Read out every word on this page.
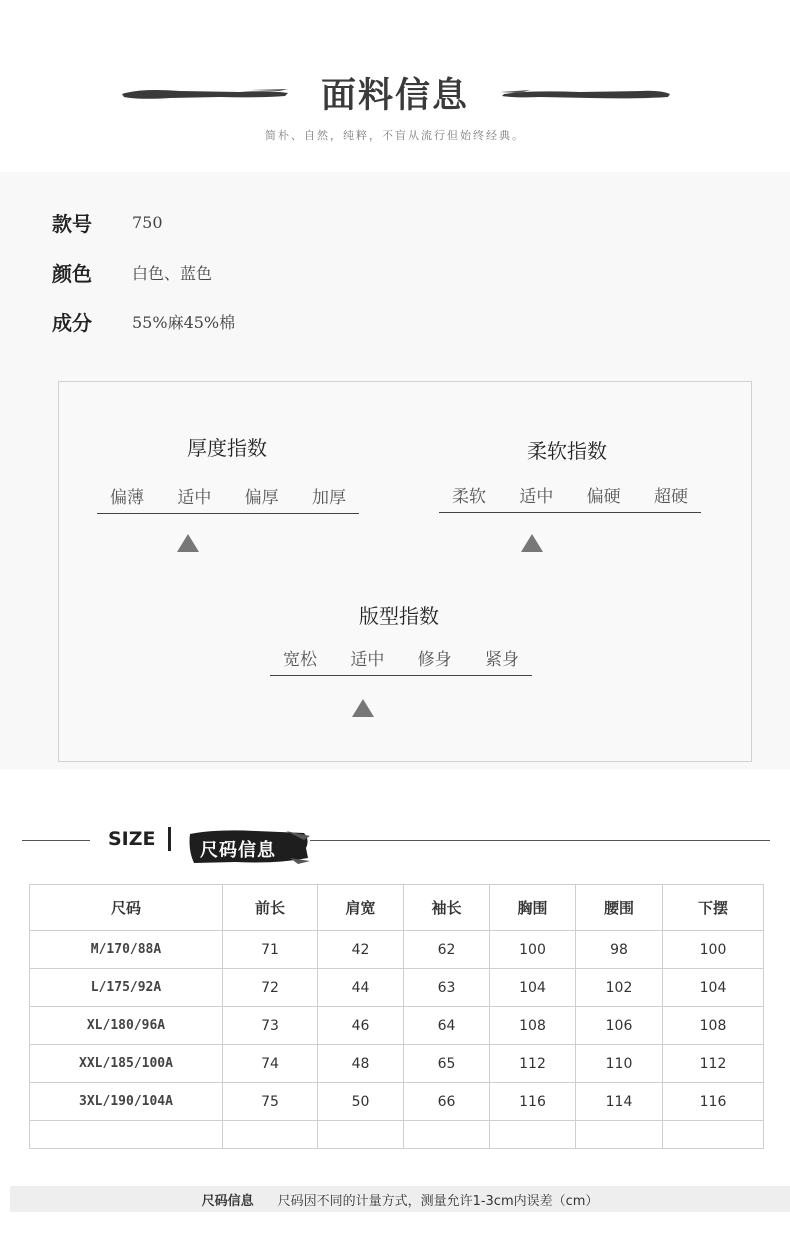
面料信息
简朴、自然，纯粹，不盲从流行但始终经典。
款号	750
颜色	白色、蓝色
成分	55%麻45%棉
厚度指数
偏薄	适中	偏厚	加厚
柔软指数
柔软	适中	偏硬	超硬
版型指数
宽松	适中	修身	紧身
SIZE
尺码信息
尺码	前长	肩宽	袖长	胸围	腰围	下摆
M/170/88A	71	42	62	100	98	100
L/175/92A	72	44	63	104	102	104
XL/180/96A	73	46	64	108	106	108
XXL/185/100A	74	48	65	112	110	112
3XL/190/104A	75	50	66	116	114	116

尺码信息 尺码因不同的计量方式，测量允许1-3cm内误差（cm）
